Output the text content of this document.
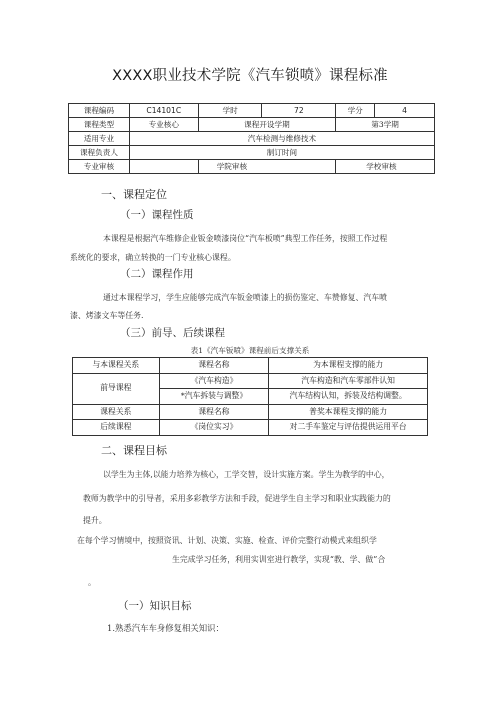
XXXX职业技术学院《汽车锁喷》课程标准
课程编码	C14101C	学时	72	学分	4
课程类型	专业核心	课程开设学期		第3学期	
适用专业	汽车检测与维修技术				
课程负责人	制订时间				
专业审核		学院审核		学校审核	
一、课程定位
（一）课程性质
本课程是根据汽车维修企业钣金喷漆岗位“汽车板喷”典型工作任务，按照工作过程
系统化的要求，确立转换的一门专业核心课程。
（二）课程作用
通过本课程学习，学生应能够完成汽车钣金喷漆上的损伤鉴定、车赞修复、汽车喷
漆、烤漆文车等任务.
（三）前导、后续课程
表1《汽车钣喷》课程前后支撑关系
与本课程关系	课程名称	为本课程支撑的能力
前导课程	《汽车构造》	汽车构造和汽车零部件认知
	*汽车拆装与调整》	汽车结构认知，拆装及结构调整。
课程关系	课程名称	普奖本课程支撑的能力
后续课程	《岗位实习》	对二手车鉴定与评估提供运用平台
二、课程目标
以学生为主体,以能力培养为核心，工学交替，设计实施方案。学生为教学的中心，
教师为教学中的引导者，采用多彩教学方法和手段，促进学生自主学习和职业实践能力的
提升。
在每个学习情境中，按照资讯、计划、决策、实施、检查、评价完整行动模式来组织学
生完成学习任务，利用实训室进行教学，实现“教、学、做”合
。
（一）知识目标
1.熟悉汽车车身修复相关知识：
